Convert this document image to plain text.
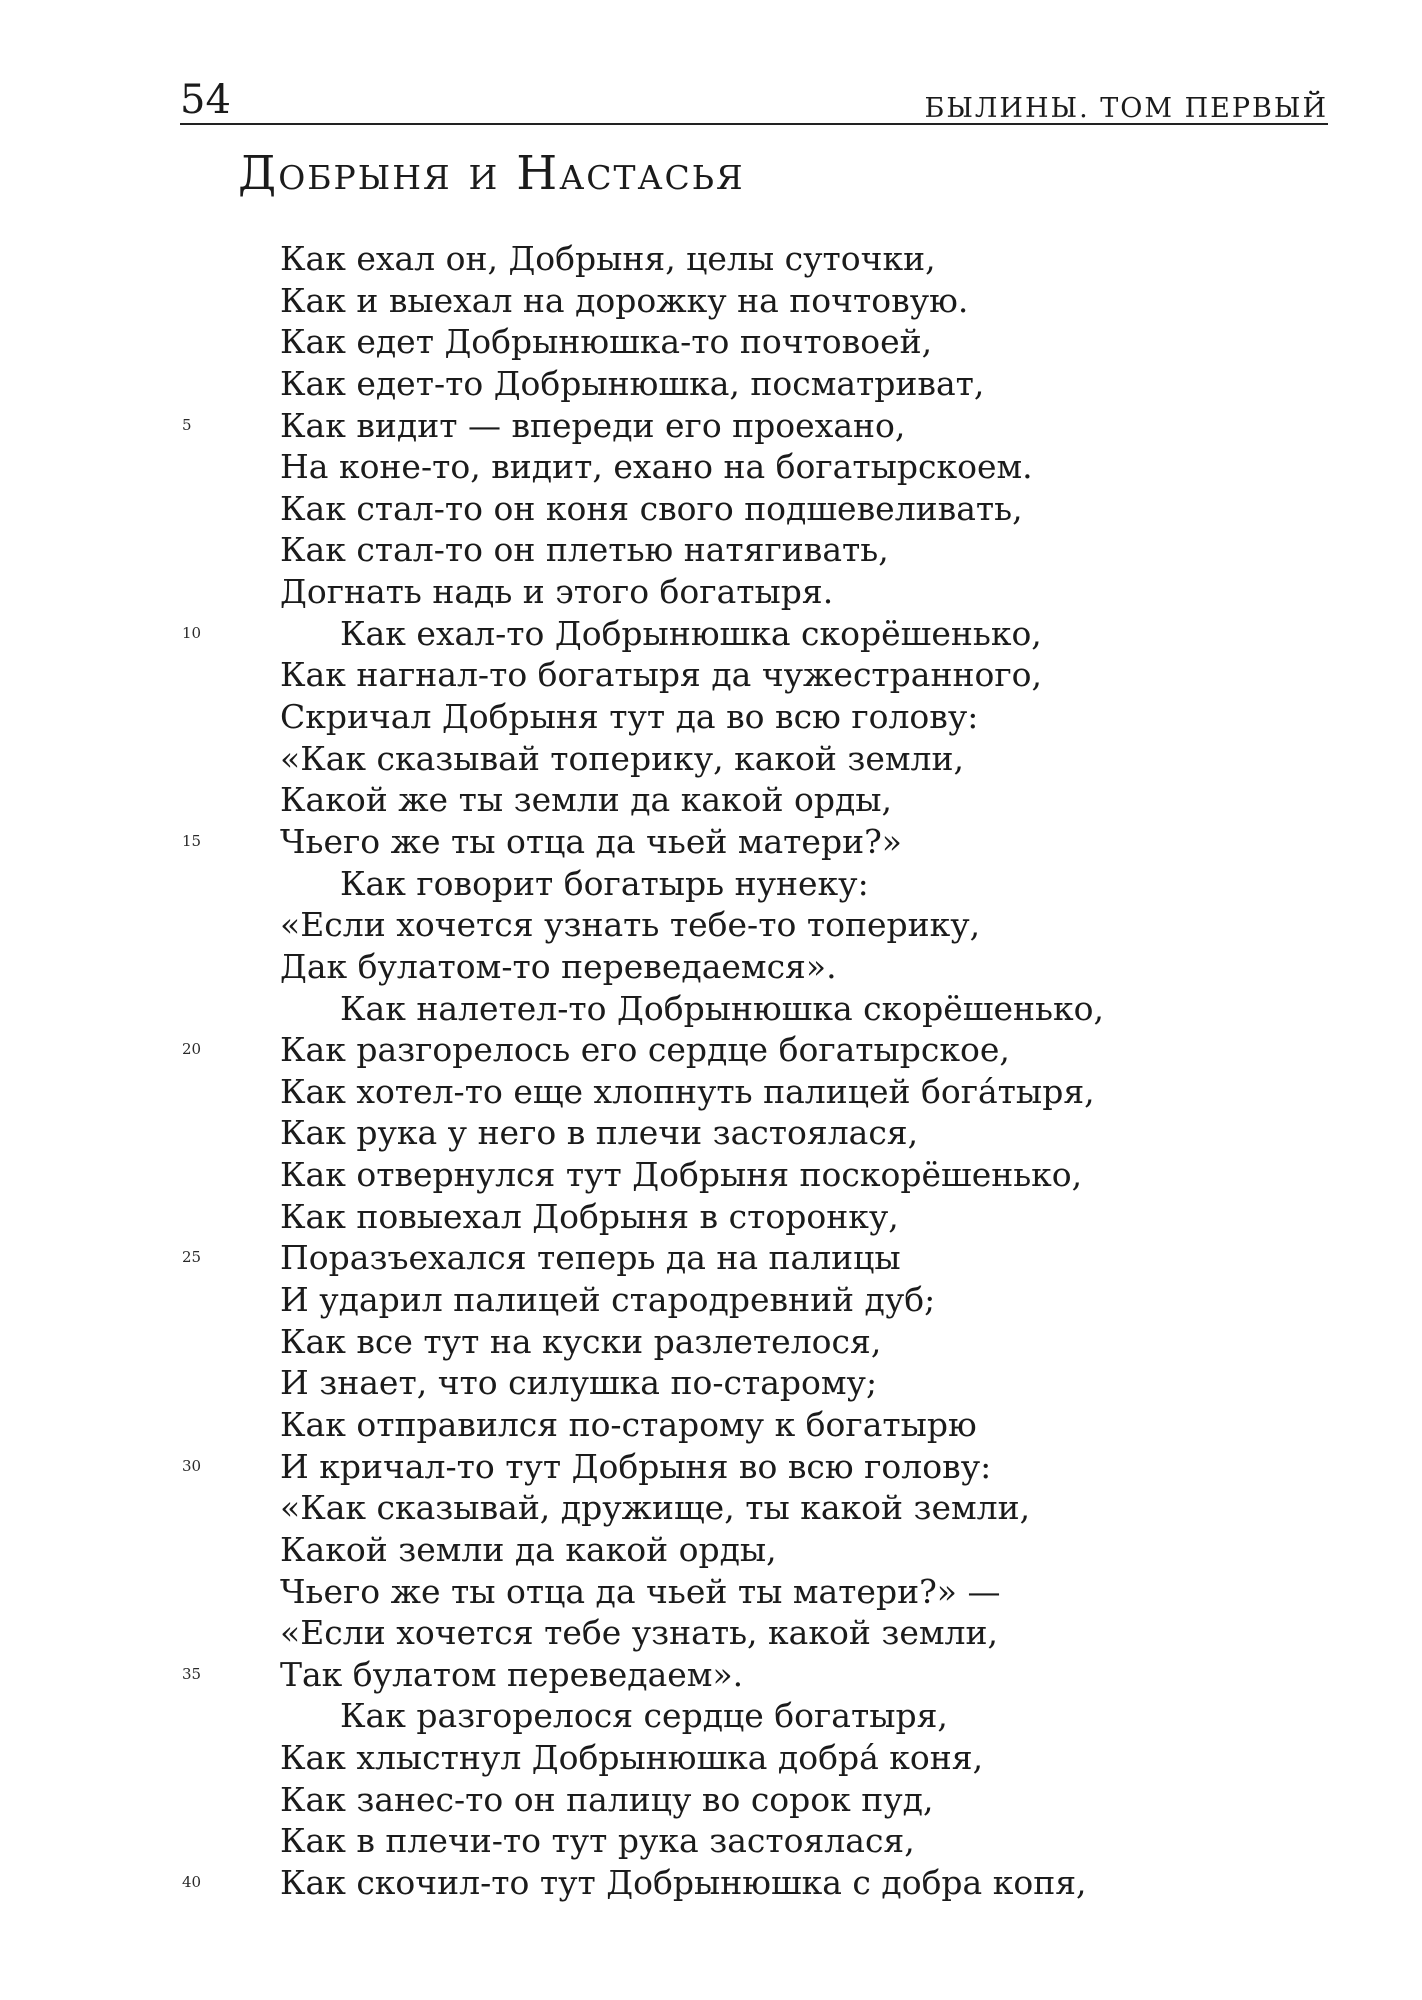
54	БЫЛИНЫ. ТОМ ПЕРВЫЙ
Добрыня и Настасья
Как ехал он, Добрыня, целы суточки,
Как и выехал на дорожку на почтовую.
Как едет Добрынюшка-то почтовоей,
Как едет-то Добрынюшка, посматриват,
5	Как видит — впереди его проехано,
На коне-то, видит, ехано на богатырскоем.
Как стал-то он коня свого подшевеливать,
Как стал-то он плетью натягивать,
Догнать надь и этого богатыря.
10	Как ехал-то Добрынюшка скорёшенько,
Как нагнал-то богатыря да чужестранного,
Скричал Добрыня тут да во всю голову:
«Как сказывай топерику, какой земли,
Какой же ты земли да какой орды,
15 Чьего же ты отца да чьей матери?»
Как говорит богатырь нунеку:
«Если хочется узнать тебе-то топерику,
Дак булатом-то переведаемся».
Как налетел-то Добрынюшка скорёшенько,
20 Как разгорелось его сердце богатырское,
Как хотел-то еще хлопнуть палицей бога́тыря,
Как рука у него в плечи застоялася,
Как отвернулся тут Добрыня поскорёшенько,
Как повыехал Добрыня в сторонку,
25 Поразъехался теперь да на палицы
И ударил палицей стародревний дуб;
Как все тут на куски разлетелося,
И знает, что силушка по-старому;
Как отправился по-старому к богатырю
30 И кричал-то тут Добрыня во всю голову:
«Как сказывай, дружище, ты какой земли,
Какой земли да какой орды,
Чьего же ты отца да чьей ты матери?» —
«Если хочется тебе узнать, какой земли,
35 Так булатом переведаем».
Как разгорелося сердце богатыря,
Как хлыстнул Добрынюшка добра́ коня,
Как занес-то он палицу во сорок пуд,
Как в плечи-то тут рука застоялася,
40 Как скочил-то тут Добрынюшка с добра копя,
